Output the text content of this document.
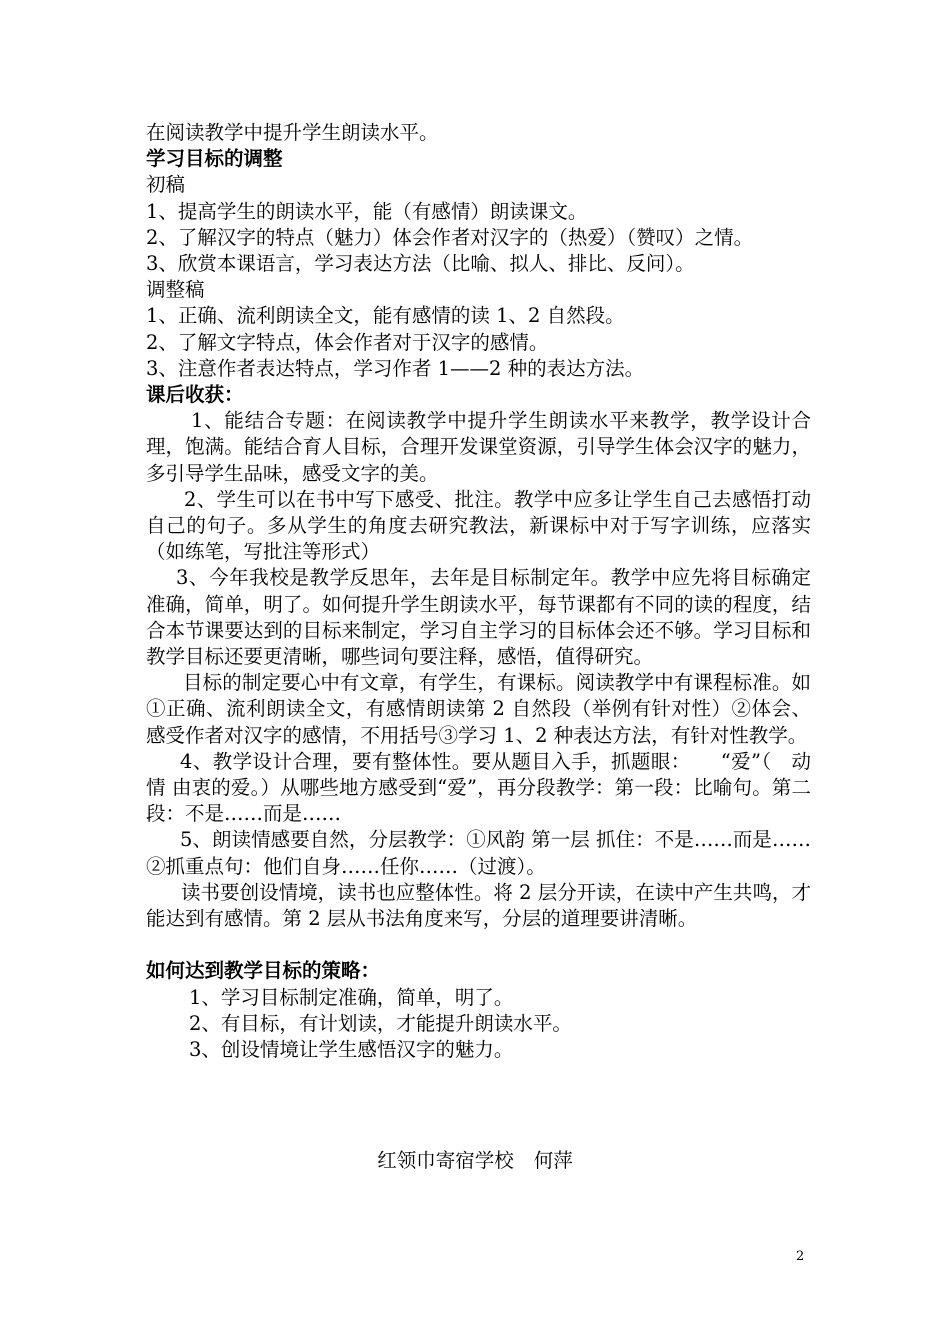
在阅读教学中提升学生朗读水平。
学习目标的调整
初稿
1、提高学生的朗读水平，能（有感情）朗读课文。
2、了解汉字的特点（魅力）体会作者对汉字的（热爱）（赞叹）之情。
3、欣赏本课语言，学习表达方法（比喻、拟人、排比、反问）。
调整稿
1、正确、流利朗读全文，能有感情的读 1、2 自然段。
2、了解文字特点，体会作者对于汉字的感情。
3、注意作者表达特点，学习作者 1——2 种的表达方法。
课后收获：
1、能结合专题：在阅读教学中提升学生朗读水平来教学，教学设计合理，饱满。能结合育人目标，合理开发课堂资源，引导学生体会汉字的魅力，多引导学生品味，感受文字的美。
2、学生可以在书中写下感受、批注。教学中应多让学生自己去感悟打动自己的句子。多从学生的角度去研究教法，新课标中对于写字训练，应落实（如练笔，写批注等形式）
3、今年我校是教学反思年，去年是目标制定年。教学中应先将目标确定准确，简单，明了。如何提升学生朗读水平，每节课都有不同的读的程度，结合本节课要达到的目标来制定，学习自主学习的目标体会还不够。学习目标和教学目标还要更清晰，哪些词句要注释，感悟，值得研究。
目标的制定要心中有文章，有学生，有课标。阅读教学中有课程标准。如①正确、流利朗读全文，有感情朗读第 2 自然段（举例有针对性）②体会、感受作者对汉字的感情，不用括号③学习 1、2 种表达方法，有针对性教学。
4、教学设计合理，要有整体性。要从题目入手，抓题眼：　　“爱”（　动情 由衷的爱。）从哪些地方感受到“爱”，再分段教学：第一段：比喻句。第二段：不是……而是……
5、朗读情感要自然，分层教学：①风韵 第一层 抓住：不是……而是……②抓重点句：他们自身……任你……（过渡）。
读书要创设情境，读书也应整体性。将 2 层分开读，在读中产生共鸣，才能达到有感情。第 2 层从书法角度来写，分层的道理要讲清晰。
如何达到教学目标的策略：
1、学习目标制定准确，简单，明了。
2、有目标，有计划读，才能提升朗读水平。
3、创设情境让学生感悟汉字的魅力。
红领巾寄宿学校 何萍
2
